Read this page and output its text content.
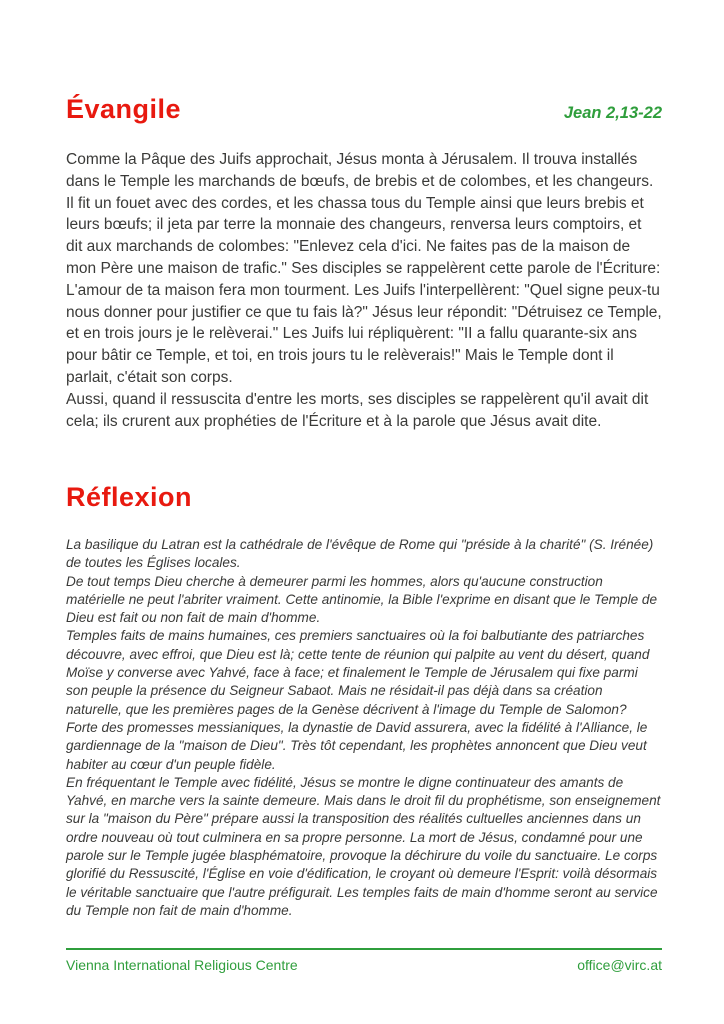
Évangile	Jean 2,13-22

Comme la Pâque des Juifs approchait, Jésus monta à Jérusalem. Il trouva installés dans le Temple les marchands de bœufs, de brebis et de colombes, et les changeurs. Il fit un fouet avec des cordes, et les chassa tous du Temple ainsi que leurs brebis et leurs bœufs; il jeta par terre la monnaie des changeurs, renversa leurs comptoirs, et dit aux marchands de colombes: "Enlevez cela d'ici. Ne faites pas de la maison de mon Père une maison de trafic." Ses disciples se rappelèrent cette parole de l'Écriture: L'amour de ta maison fera mon tourment. Les Juifs l'interpellèrent: "Quel signe peux-tu nous donner pour justifier ce que tu fais là?" Jésus leur répondit: "Détruisez ce Temple, et en trois jours je le relèverai." Les Juifs lui répliquèrent: "II a fallu quarante-six ans pour bâtir ce Temple, et toi, en trois jours tu le relèverais!" Mais le Temple dont il parlait, c'était son corps.

Aussi, quand il ressuscita d'entre les morts, ses disciples se rappelèrent qu'il avait dit cela; ils crurent aux prophéties de l'Écriture et à la parole que Jésus avait dite.

Réflexion

La basilique du Latran est la cathédrale de l'évêque de Rome qui "préside à la charité" (S. Irénée) de toutes les Églises locales.

De tout temps Dieu cherche à demeurer parmi les hommes, alors qu'aucune construction matérielle ne peut l'abriter vraiment. Cette antinomie, la Bible l'exprime en disant que le Temple de Dieu est fait ou non fait de main d'homme.

Temples faits de mains humaines, ces premiers sanctuaires où la foi balbutiante des patriarches découvre, avec effroi, que Dieu est là; cette tente de réunion qui palpite au vent du désert, quand Moïse y converse avec Yahvé, face à face; et finalement le Temple de Jérusalem qui fixe parmi son peuple la présence du Seigneur Sabaot. Mais ne résidait-il pas déjà dans sa création naturelle, que les premières pages de la Genèse décrivent à l'image du Temple de Salomon? Forte des promesses messianiques, la dynastie de David assurera, avec la fidélité à l'Alliance, le gardiennage de la "maison de Dieu". Très tôt cependant, les prophètes annoncent que Dieu veut habiter au cœur d'un peuple fidèle.

En fréquentant le Temple avec fidélité, Jésus se montre le digne continuateur des amants de Yahvé, en marche vers la sainte demeure. Mais dans le droit fil du prophétisme, son enseignement sur la "maison du Père" prépare aussi la transposition des réalités cultuelles anciennes dans un ordre nouveau où tout culminera en sa propre personne. La mort de Jésus, condamné pour une parole sur le Temple jugée blasphématoire, provoque la déchirure du voile du sanctuaire. Le corps glorifié du Ressuscité, l'Église en voie d'édification, le croyant où demeure l'Esprit: voilà désormais le véritable sanctuaire que l'autre préfigurait. Les temples faits de main d'homme seront au service du Temple non fait de main d'homme.

Vienna International Religious Centre	office@virc.at
